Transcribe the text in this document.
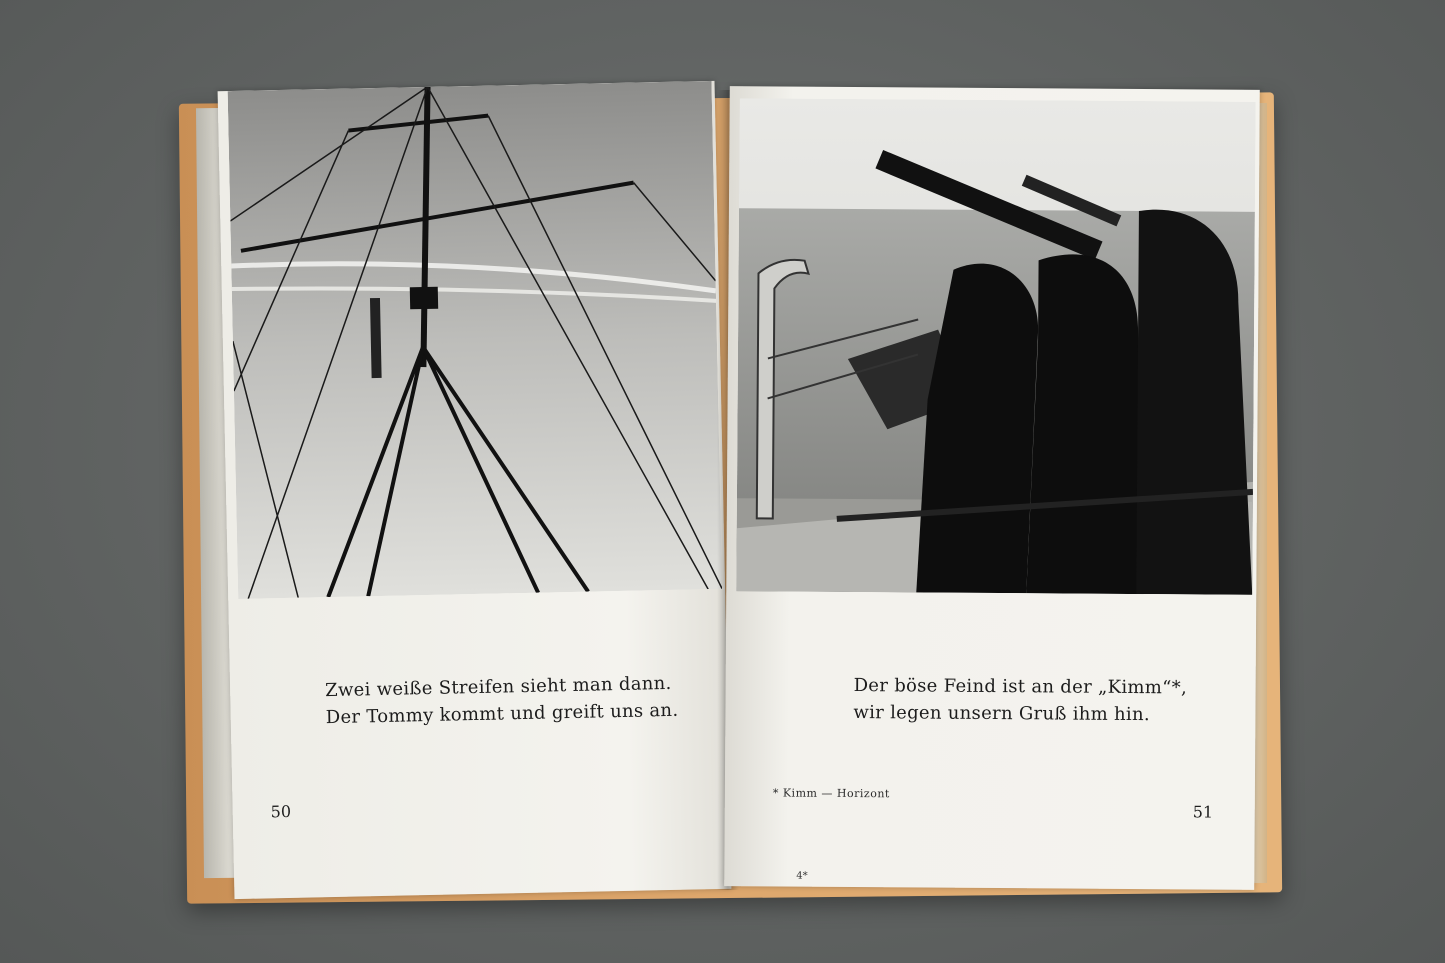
Zwei weiße Streifen sieht man dann.
Der Tommy kommt und greift uns an.
50
Der böse Feind ist an der „Kimm“*,
wir legen unsern Gruß ihm hin.
* Kimm — Horizont
51
4*
